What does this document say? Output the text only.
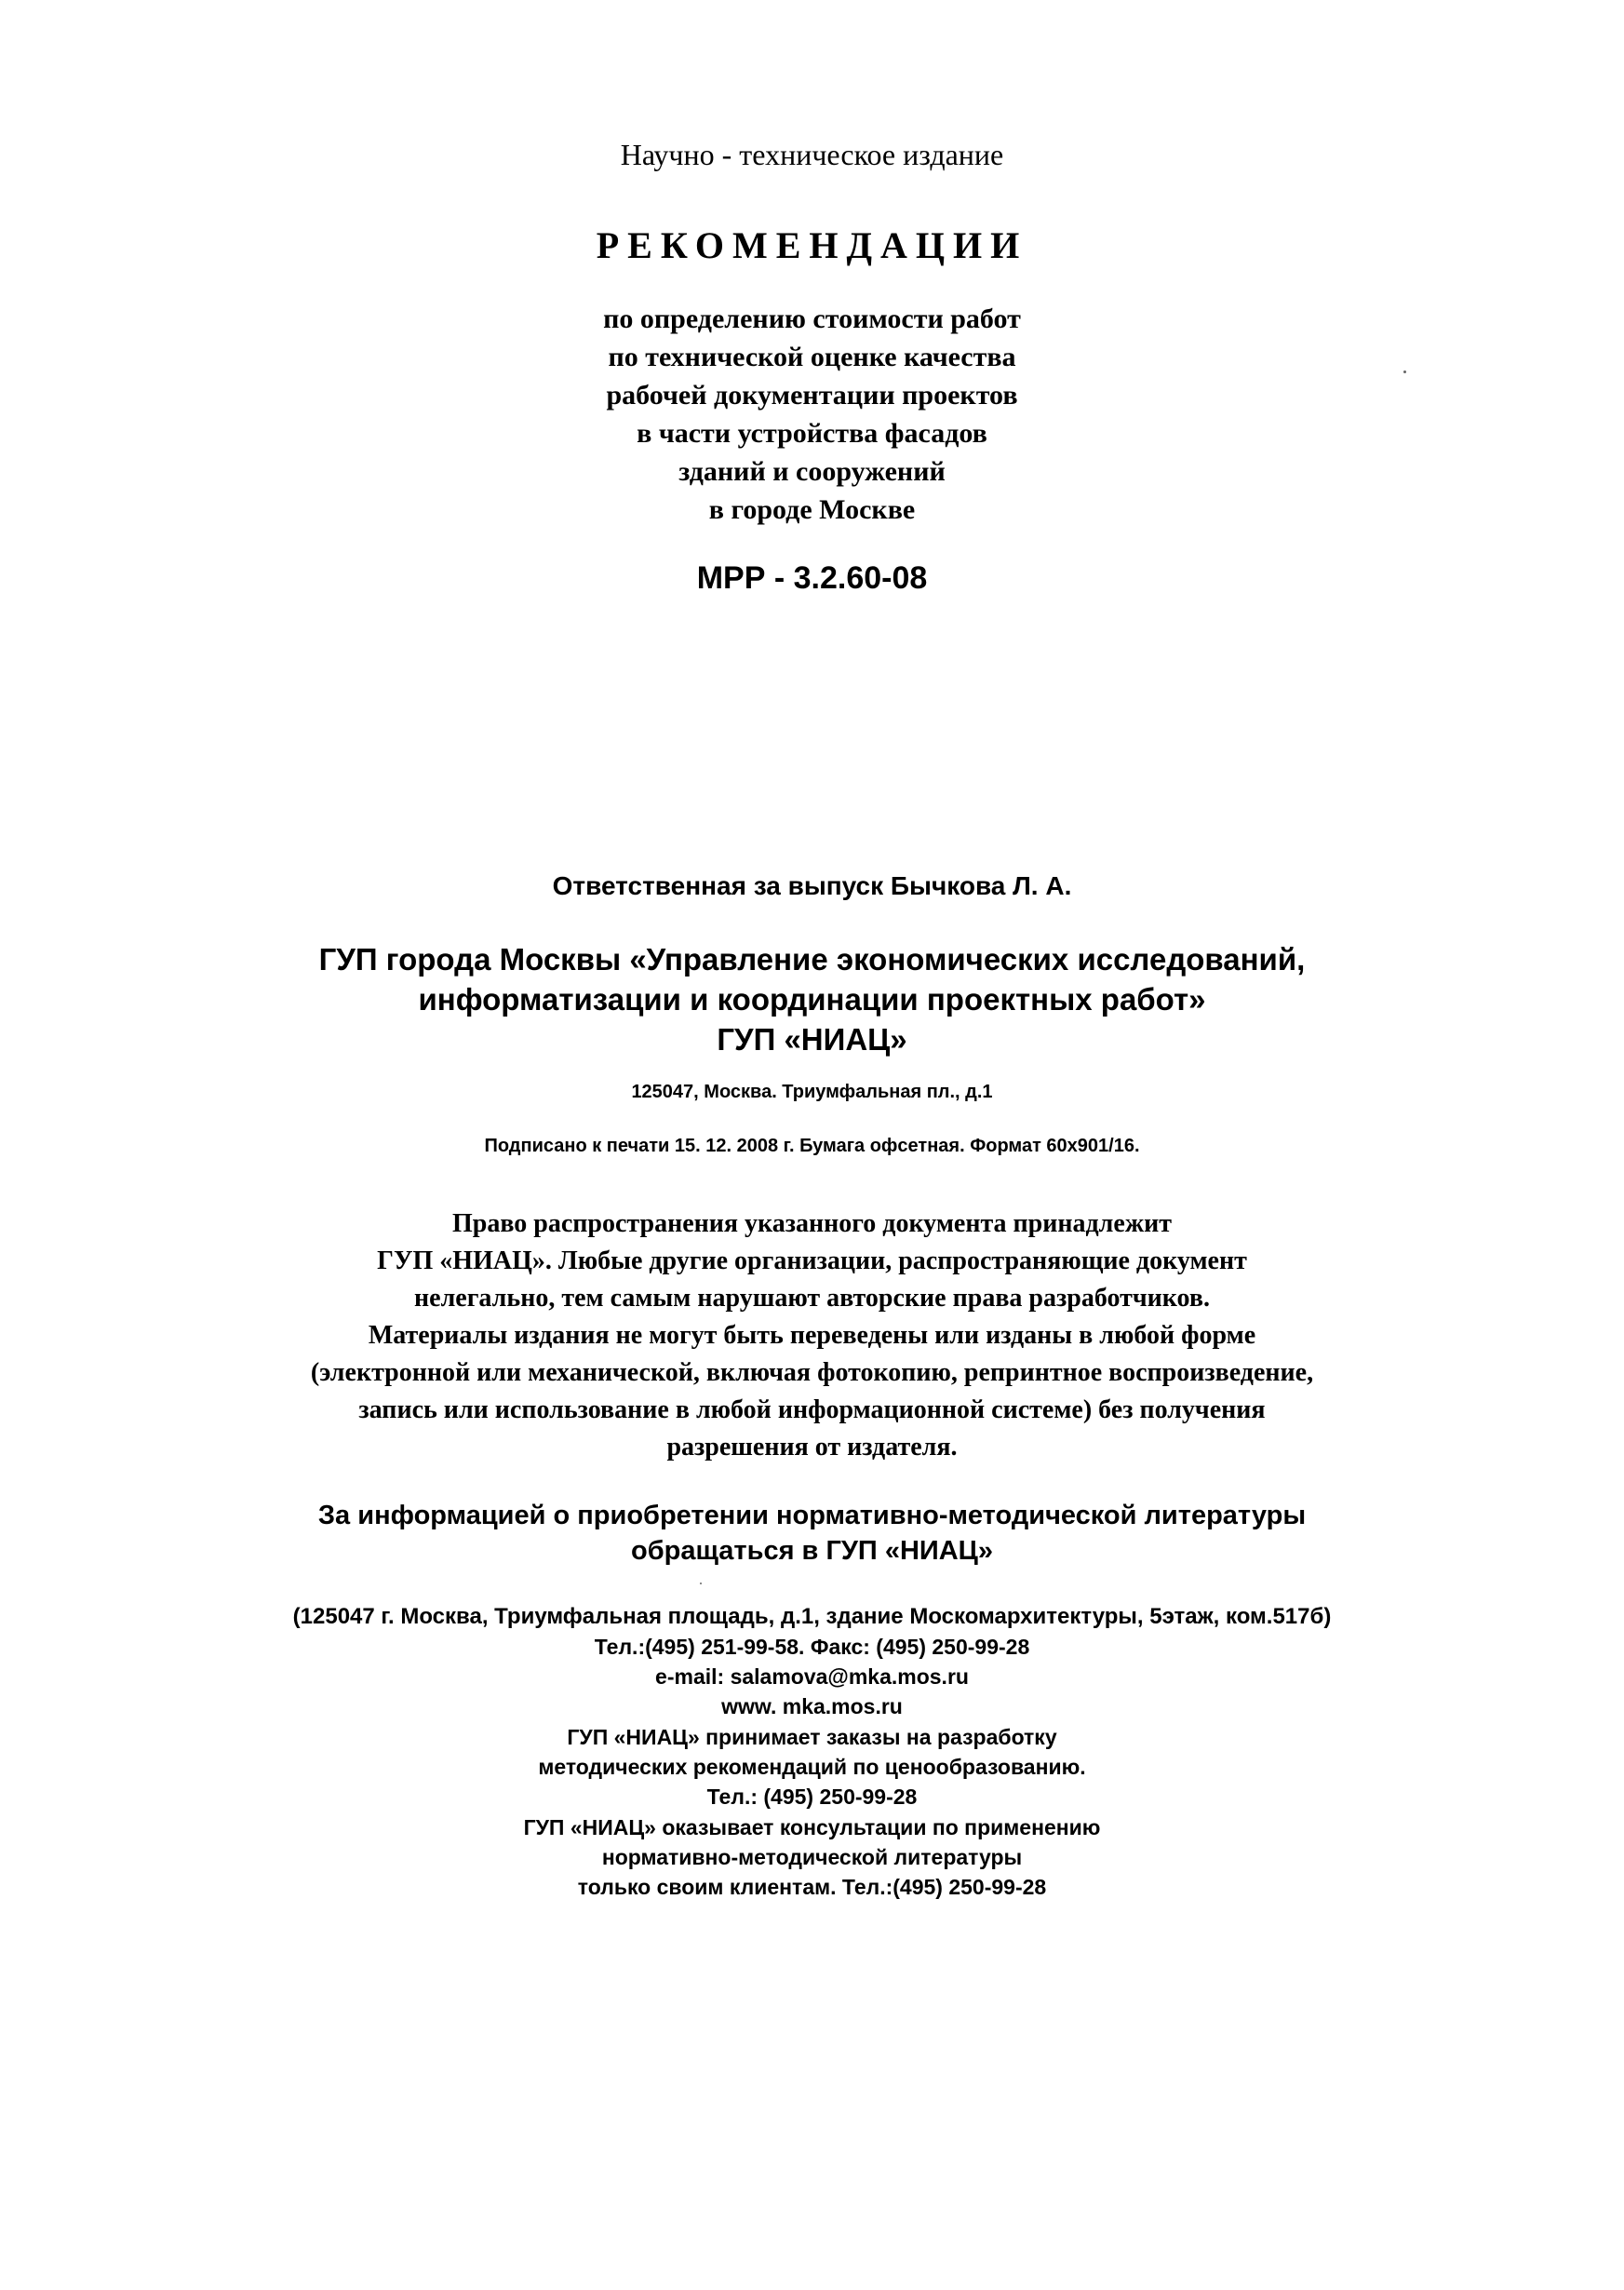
Научно - техническое издание
РЕКОМЕНДАЦИИ
по определению стоимости работ
по технической оценке качества
рабочей документации проектов
в части устройства фасадов
зданий и сооружений
в городе Москве
МРР - 3.2.60-08
Ответственная за выпуск Бычкова Л. А.
ГУП города Москвы «Управление экономических исследований,
информатизации и координации проектных работ»
ГУП «НИАЦ»
125047, Москва. Триумфальная пл., д.1
Подписано к печати 15. 12. 2008 г. Бумага офсетная. Формат 60х901/16.
Право распространения указанного документа принадлежит
ГУП «НИАЦ». Любые другие организации, распространяющие документ
нелегально, тем самым нарушают авторские права разработчиков.
Материалы издания не могут быть переведены или изданы в любой форме
(электронной или механической, включая фотокопию, репринтное воспроизведение,
запись или использование в любой информационной системе) без получения
разрешения от издателя.
За информацией о приобретении нормативно-методической литературы
обращаться в ГУП «НИАЦ»
(125047 г. Москва, Триумфальная площадь, д.1, здание Москомархитектуры, 5этаж, ком.517б)
Тел.:(495) 251-99-58. Факс: (495) 250-99-28
e-mail: salamova@mka.mos.ru
www. mka.mos.ru
ГУП «НИАЦ» принимает заказы на разработку
методических рекомендаций по ценообразованию.
Тел.: (495) 250-99-28
ГУП «НИАЦ» оказывает консультации по применению
нормативно-методической литературы
только своим клиентам. Тел.:(495) 250-99-28
